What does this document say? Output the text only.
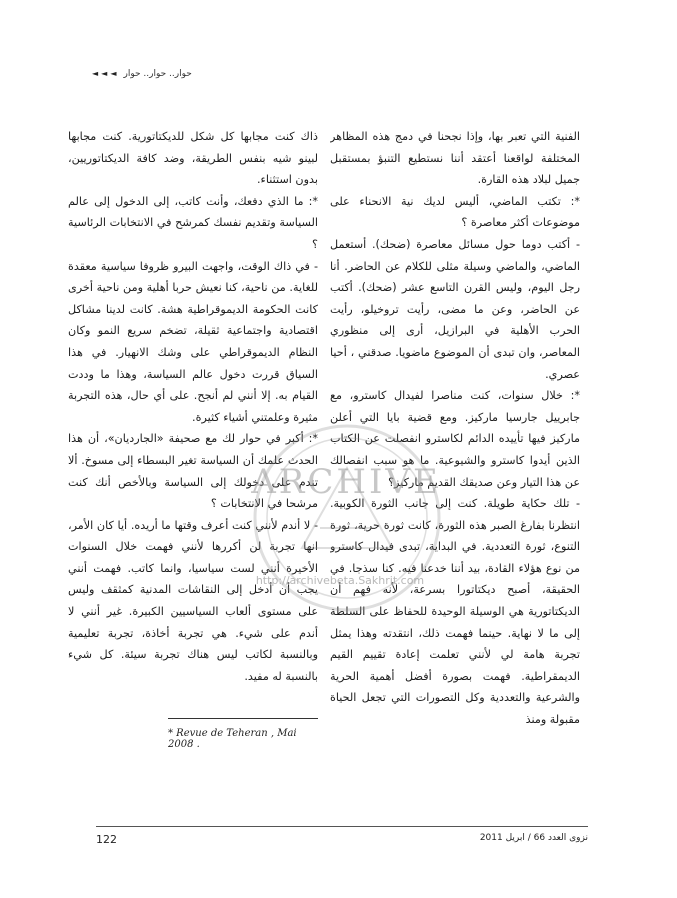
◄ ◄ ◄ حوار.. حوار.. حوار

الفنية التي تعبر بها، وإذا نجحنا في دمج هذه المظاهر المختلفة لواقعنا أعتقد أننا نستطيع التنبؤ بمستقبل جميل لبلاد هذه القارة.

*: تكتب الماضي، أليس لديك نية الانحناء على موضوعات أكثر معاصرة ؟

- أكتب دوما حول مسائل معاصرة (ضحك). أستعمل الماضي، والماضي وسيلة مثلى للكلام عن الحاضر. أنا رجل اليوم، وليس القرن التاسع عشر (ضحك). أكتب عن الحاضر، وعن ما مضى، رأيت تروخيلو، رأيت الحرب الأهلية في البرازيل، أرى إلى منظوري المعاصر، وان تبدى أن الموضوع ماضويا. صدقني ، أحيا عصري.

*: خلال سنوات، كنت مناصرا لفيدال كاسترو، مع جابرييل جارسيا ماركيز. ومع قضية بايا التي أعلن ماركيز فيها تأييده الدائم لكاسترو انفصلت عن الكتاب الذين أيدوا كاسترو والشيوعية. ما هو سبب انفصالك عن هذا التيار وعن صديقك القديم ماركيز؟

- تلك حكاية طويلة. كنت إلى جانب الثورة الكوبية. انتظرنا بفارغ الصبر هذه الثورة، كانت ثورة حرية، ثورة التنوع، ثورة التعددية. في البداية، تبدى فيدال كاسترو من نوع هؤلاء القادة، بيد أننا خدعنا فيه. كنا سذجا. في الحقيقة، أصبح ديكتاتورا بسرعة، لأنه فهم أن الديكتاتورية هي الوسيلة الوحيدة للحفاظ على السلطة إلى ما لا نهاية. حينما فهمت ذلك، انتقدته وهذا يمثل تجربة هامة لي لأنني تعلمت إعادة تقييم القيم الديمقراطية. فهمت بصورة أفضل أهمية الحرية والشرعية والتعددية وكل التصورات التي تجعل الحياة مقبولة ومنذ

ذاك كنت مجابها كل شكل للديكتاتورية. كنت مجابها لبينو شيه بنفس الطريقة، وضد كافة الديكتاتوريين، بدون استثناء.

*: ما الذي دفعك، وأنت كاتب، إلى الدخول إلى عالم السياسة وتقديم نفسك كمرشح في الانتخابات الرئاسية ؟

- في ذاك الوقت، واجهت البيرو ظروفا سياسية معقدة للغاية. من ناحية، كنا نعيش حربا أهلية ومن ناحية أخرى كانت الحكومة الديموقراطية هشة. كانت لدينا مشاكل اقتصادية واجتماعية ثقيلة، تضخم سريع النمو وكان النظام الديموقراطي على وشك الانهيار. في هذا السياق قررت دخول عالم السياسة، وهذا ما وددت القيام به. إلا أنني لم أنجح. على أي حال، هذه التجربة مثيرة وعلمتني أشياء كثيرة.

*: أكبر في حوار لك مع صحيفة «الجارديان»، أن هذا الحدث علمك أن السياسة تغير البسطاء إلى مسوخ. ألا تندم على دخولك إلى السياسة وبالأخص أنك كنت مرشحا في الانتخابات ؟

- لا أندم لأنني كنت أعرف وقتها ما أريده. أيا كان الأمر، انها تجربة لن أكررها لأنني فهمت خلال السنوات الأخيرة أنني لست سياسيا، وانما كاتب. فهمت أنني يجب أن أدخل إلى النقاشات المدنية كمثقف وليس على مستوى ألعاب السياسيين الكبيرة. غير أنني لا أندم على شيء. هي تجربة أخاذة، تجربة تعليمية وبالنسبة لكاتب ليس هناك تجربة سيئة. كل شيء بالنسبة له مفيد.

* Revue de Teheran , Mai 2008 .
122	نزوى العدد 66 / ابريل 2011
ARCHIVE
http://archivebeta.Sakhrit.com
